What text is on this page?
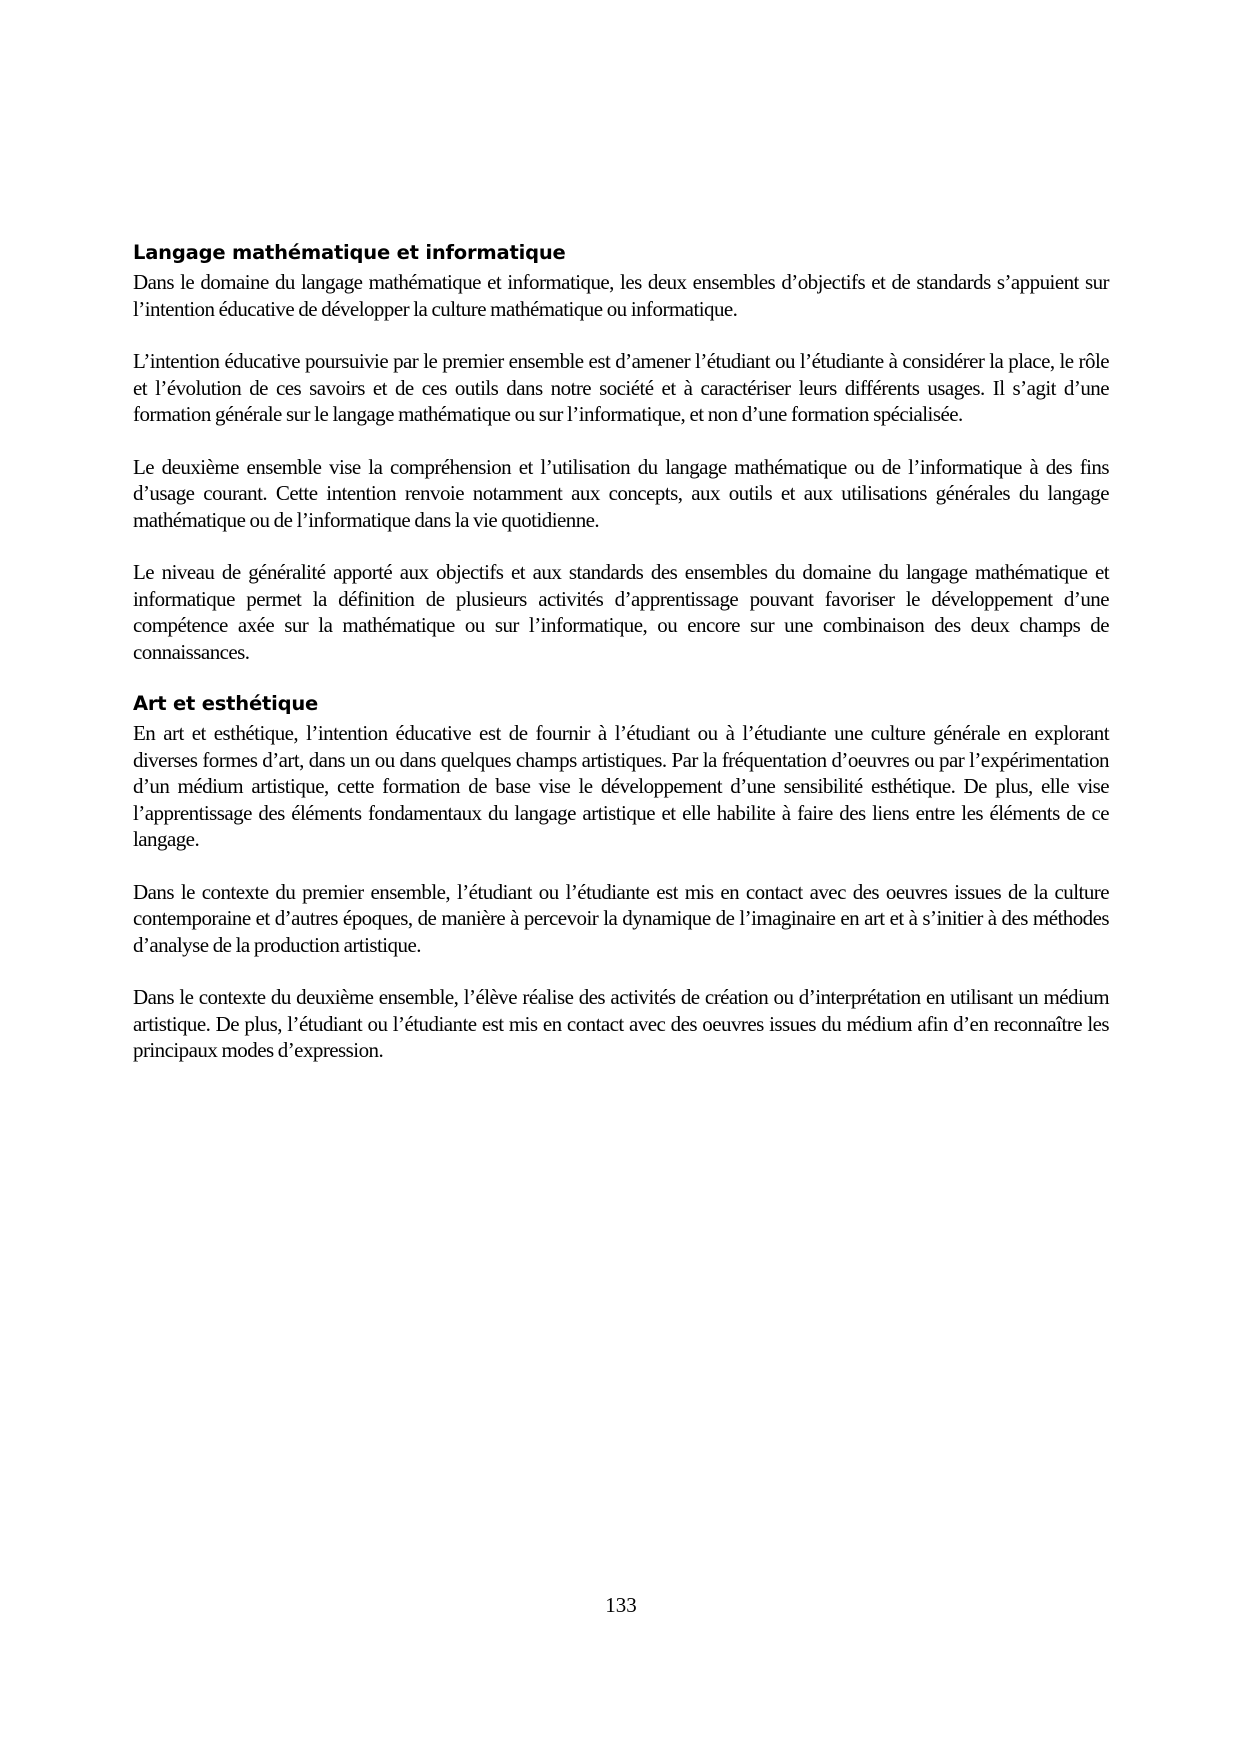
Langage mathématique et informatique

Dans le domaine du langage mathématique et informatique, les deux ensembles d’objectifs et de standards s’appuient sur l’intention éducative de développer la culture mathématique ou informatique.

L’intention éducative poursuivie par le premier ensemble est d’amener l’étudiant ou l’étudiante à considérer la place, le rôle et l’évolution de ces savoirs et de ces outils dans notre société et à caractériser leurs différents usages. Il s’agit d’une formation générale sur le langage mathématique ou sur l’informatique, et non d’une formation spécialisée.

Le deuxième ensemble vise la compréhension et l’utilisation du langage mathématique ou de l’informatique à des fins d’usage courant. Cette intention renvoie notamment aux concepts, aux outils et aux utilisations générales du langage mathématique ou de l’informatique dans la vie quotidienne.

Le niveau de généralité apporté aux objectifs et aux standards des ensembles du domaine du langage mathématique et informatique permet la définition de plusieurs activités d’apprentissage pouvant favoriser le développement d’une compétence axée sur la mathématique ou sur l’informatique, ou encore sur une combinaison des deux champs de connaissances.

Art et esthétique

En art et esthétique, l’intention éducative est de fournir à l’étudiant ou à l’étudiante une culture générale en explorant diverses formes d’art, dans un ou dans quelques champs artistiques. Par la fréquentation d’oeuvres ou par l’expérimentation d’un médium artistique, cette formation de base vise le développement d’une sensibilité esthétique. De plus, elle vise l’apprentissage des éléments fondamentaux du langage artistique et elle habilite à faire des liens entre les éléments de ce langage.

Dans le contexte du premier ensemble, l’étudiant ou l’étudiante est mis en contact avec des oeuvres issues de la culture contemporaine et d’autres époques, de manière à percevoir la dynamique de l’imaginaire en art et à s’initier à des méthodes d’analyse de la production artistique.

Dans le contexte du deuxième ensemble, l’élève réalise des activités de création ou d’interprétation en utilisant un médium artistique. De plus, l’étudiant ou l’étudiante est mis en contact avec des oeuvres issues du médium afin d’en reconnaître les principaux modes d’expression.

133
